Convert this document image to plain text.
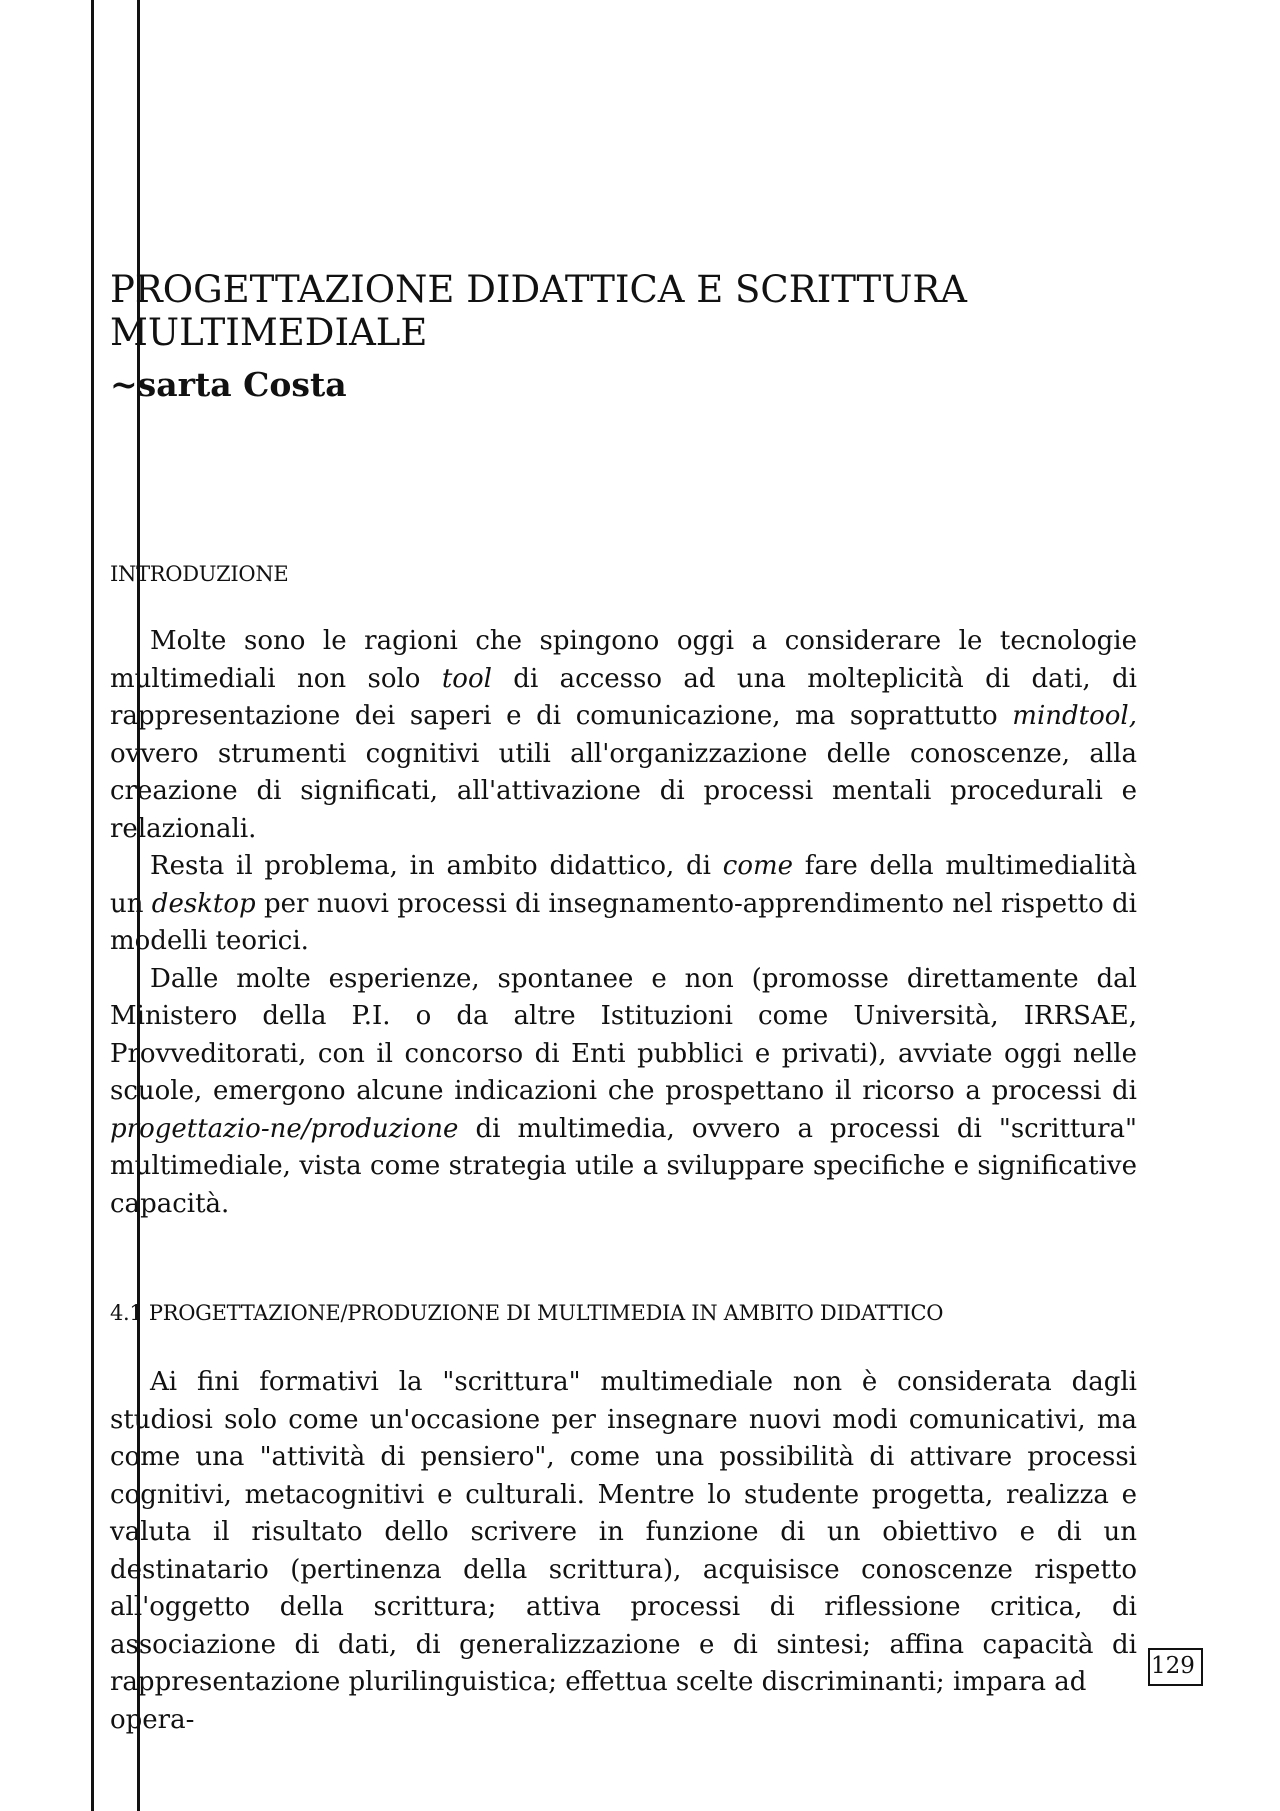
PROGETTAZIONE DIDATTICA E SCRITTURA
MULTIMEDIALE
~sarta Costa
INTRODUZIONE

Molte sono le ragioni che spingono oggi a considerare le tecnologie multimediali non solo tool di accesso ad una molteplicità di dati, di rappresentazione dei saperi e di comunicazione, ma soprattutto mindtool, ovvero strumenti cognitivi utili all'organizzazione delle conoscenze, alla creazione di significati, all'attivazione di processi mentali procedurali e relazionali.

Resta il problema, in ambito didattico, di come fare della multimedialità un desktop per nuovi processi di insegnamento-apprendimento nel rispetto di modelli teorici.

Dalle molte esperienze, spontanee e non (promosse direttamente dal Ministero della P.I. o da altre Istituzioni come Università, IRRSAE, Provveditorati, con il concorso di Enti pubblici e privati), avviate oggi nelle scuole, emergono alcune indicazioni che prospettano il ricorso a processi di progettazio-ne/produzione di multimedia, ovvero a processi di "scrittura" multimediale, vista come strategia utile a sviluppare specifiche e significative capacità.

4.1 PROGETTAZIONE/PRODUZIONE DI MULTIMEDIA IN AMBITO DIDATTICO

Ai fini formativi la "scrittura" multimediale non è considerata dagli studiosi solo come un'occasione per insegnare nuovi modi comunicativi, ma come una "attività di pensiero", come una possibilità di attivare processi cognitivi, metacognitivi e culturali. Mentre lo studente progetta, realizza e valuta il risultato dello scrivere in funzione di un obiettivo e di un destinatario (pertinenza della scrittura), acquisisce conoscenze rispetto all'oggetto della scrittura; attiva processi di riflessione critica, di associazione di dati, di generalizzazione e di sintesi; affina capacità di rappresentazione plurilinguistica; effettua scelte discriminanti; impara ad

opera-

129
